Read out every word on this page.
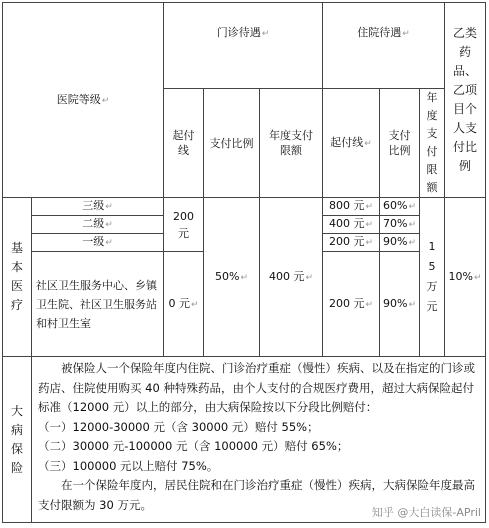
医院等级↵		门诊待遇↵			住院待遇↵			乙类药品、乙项目个人支付比例

		起付线	支付比例	年度支付限额	起付线↵	支付比例	年度支付限额	

基本医疗	三级↵	200元	50%↵	400 元↵	800 元↵	60%↵	15万元	10%↵
	二级↵				400 元↵	70%↵		
	一级↵				200 元↵	90%↵		

	社区卫生服务中心、乡镇卫生院、社区卫生服务站和村卫生室	0 元↵			200 元↵	90%↵		

大病保险	被保险人一个保险年度内住院、门诊治疗重症（慢性）疾病、以及在指定的门诊或药店、住院使用购买 40 种特殊药品，由个人支付的合规医疗费用，超过大病保险起付标准（12000 元）以上的部分，由大病保险按以下分段比例赔付：
（一）12000-30000 元（含 30000 元）赔付 55%；
（二）30000 元-100000 元（含 100000 元）赔付 65%；
（三）100000 元以上赔付 75%。
在一个保险年度内，居民住院和在门诊治疗重症（慢性）疾病，大病保险年度最高支付限额为 30 万元。							
知乎 @大白读保-APril
